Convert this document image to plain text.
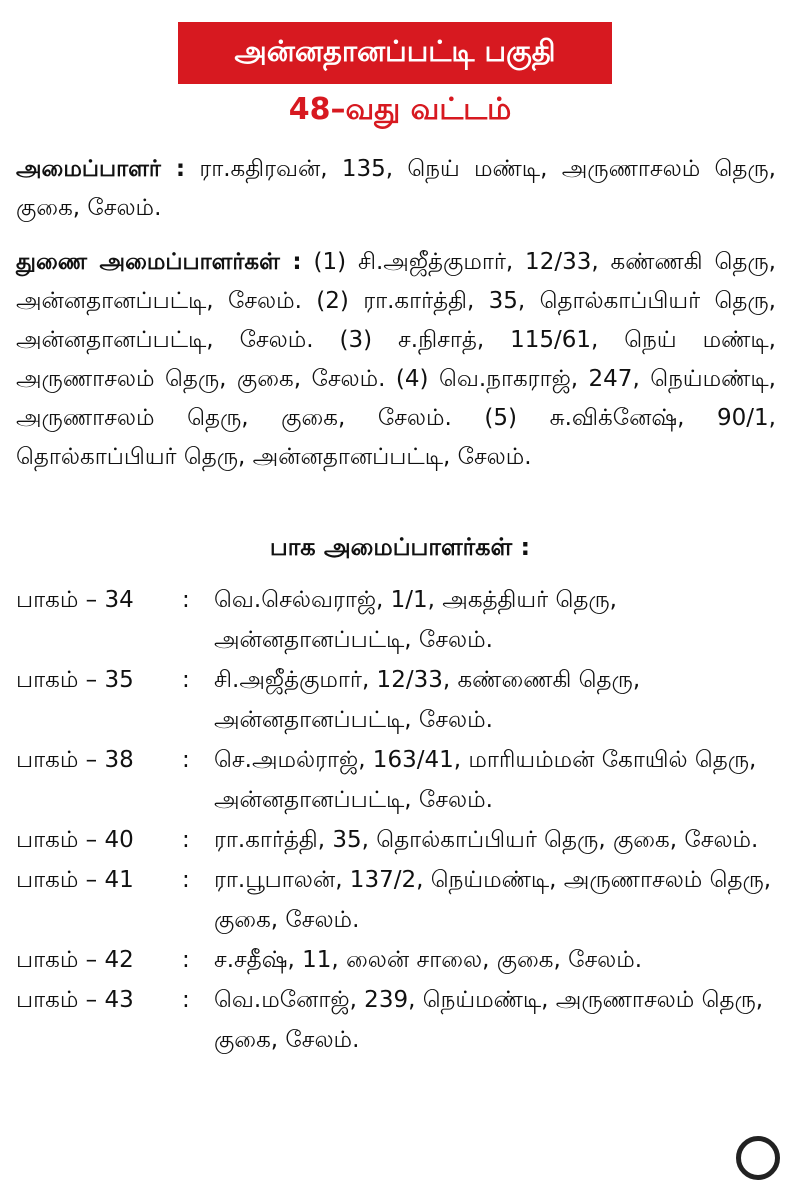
அன்னதானப்பட்டி பகுதி
48–வது வட்டம்
அமைப்பாளர் : ரா.கதிரவன், 135, நெய் மண்டி, அருணாசலம் தெரு, குகை, சேலம்.
துணை அமைப்பாளர்கள் : (1) சி.அஜீத்குமார், 12/33, கண்ணகி தெரு, அன்னதானப்பட்டி, சேலம். (2) ரா.கார்த்தி, 35, தொல்காப்பியர் தெரு, அன்னதானப்பட்டி, சேலம். (3) ச.நிசாத், 115/61, நெய் மண்டி, அருணாசலம் தெரு, குகை, சேலம். (4) வெ.நாகராஜ், 247, நெய்மண்டி, அருணாசலம் தெரு, குகை, சேலம். (5) சு.விக்னேஷ், 90/1, தொல்காப்பியர் தெரு, அன்னதானப்பட்டி, சேலம்.
பாக அமைப்பாளர்கள் :
பாகம் – 34	:	வெ.செல்வராஜ், 1/1, அகத்தியர் தெரு, அன்னதானப்பட்டி, சேலம்.
பாகம் – 35	:	சி.அஜீத்குமார், 12/33, கண்ணைகி தெரு, அன்னதானப்பட்டி, சேலம்.
பாகம் – 38	:	செ.அமல்ராஜ், 163/41, மாரியம்மன் கோயில் தெரு, அன்னதானப்பட்டி, சேலம்.
பாகம் – 40	:	ரா.கார்த்தி, 35, தொல்காப்பியர் தெரு, குகை, சேலம்.
பாகம் – 41	:	ரா.பூபாலன், 137/2, நெய்மண்டி, அருணாசலம் தெரு, குகை, சேலம்.
பாகம் – 42	:	ச.சதீஷ், 11, லைன் சாலை, குகை, சேலம்.
பாகம் – 43	:	வெ.மனோஜ், 239, நெய்மண்டி, அருணாசலம் தெரு, குகை, சேலம்.
